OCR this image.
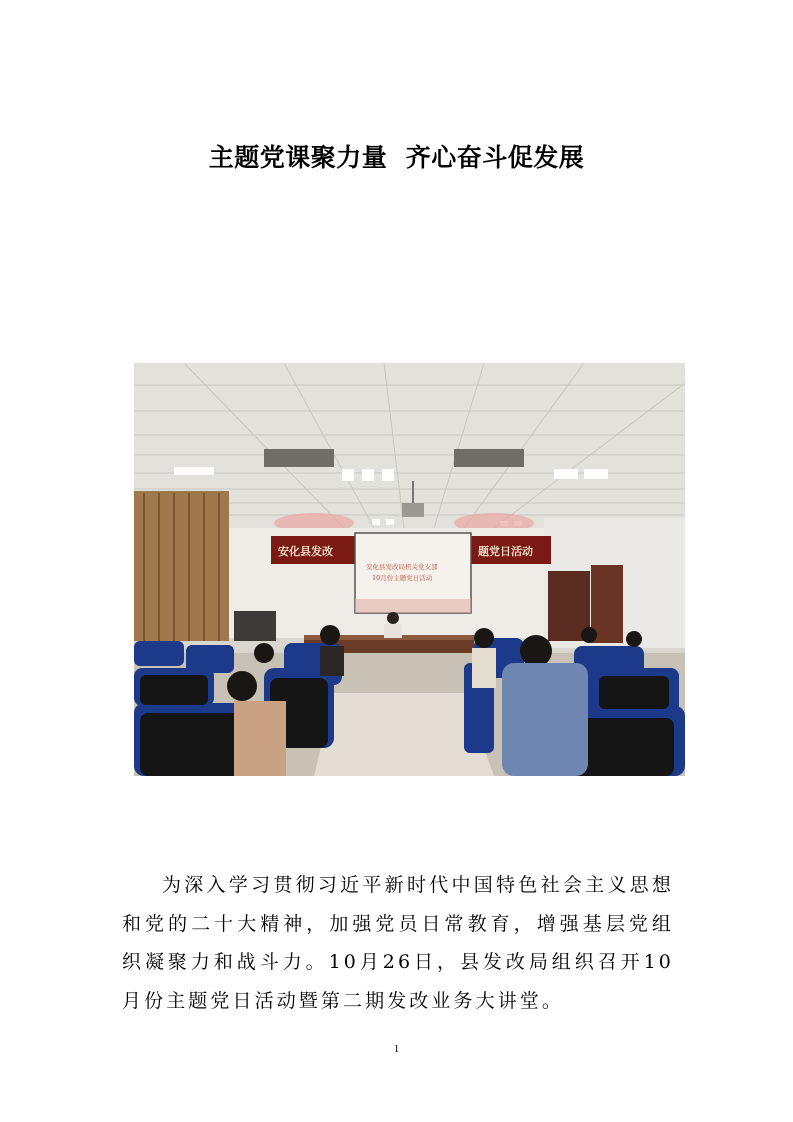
主题党课聚力量  齐心奋斗促发展
安化县发改	题党日活动
安化县发改局机关党支部
10月份主题党日活动
为深入学习贯彻习近平新时代中国特色社会主义思想和党的二十大精神，加强党员日常教育，增强基层党组织凝聚力和战斗力。10月26日，县发改局组织召开10月份主题党日活动暨第二期发改业务大讲堂。
1
